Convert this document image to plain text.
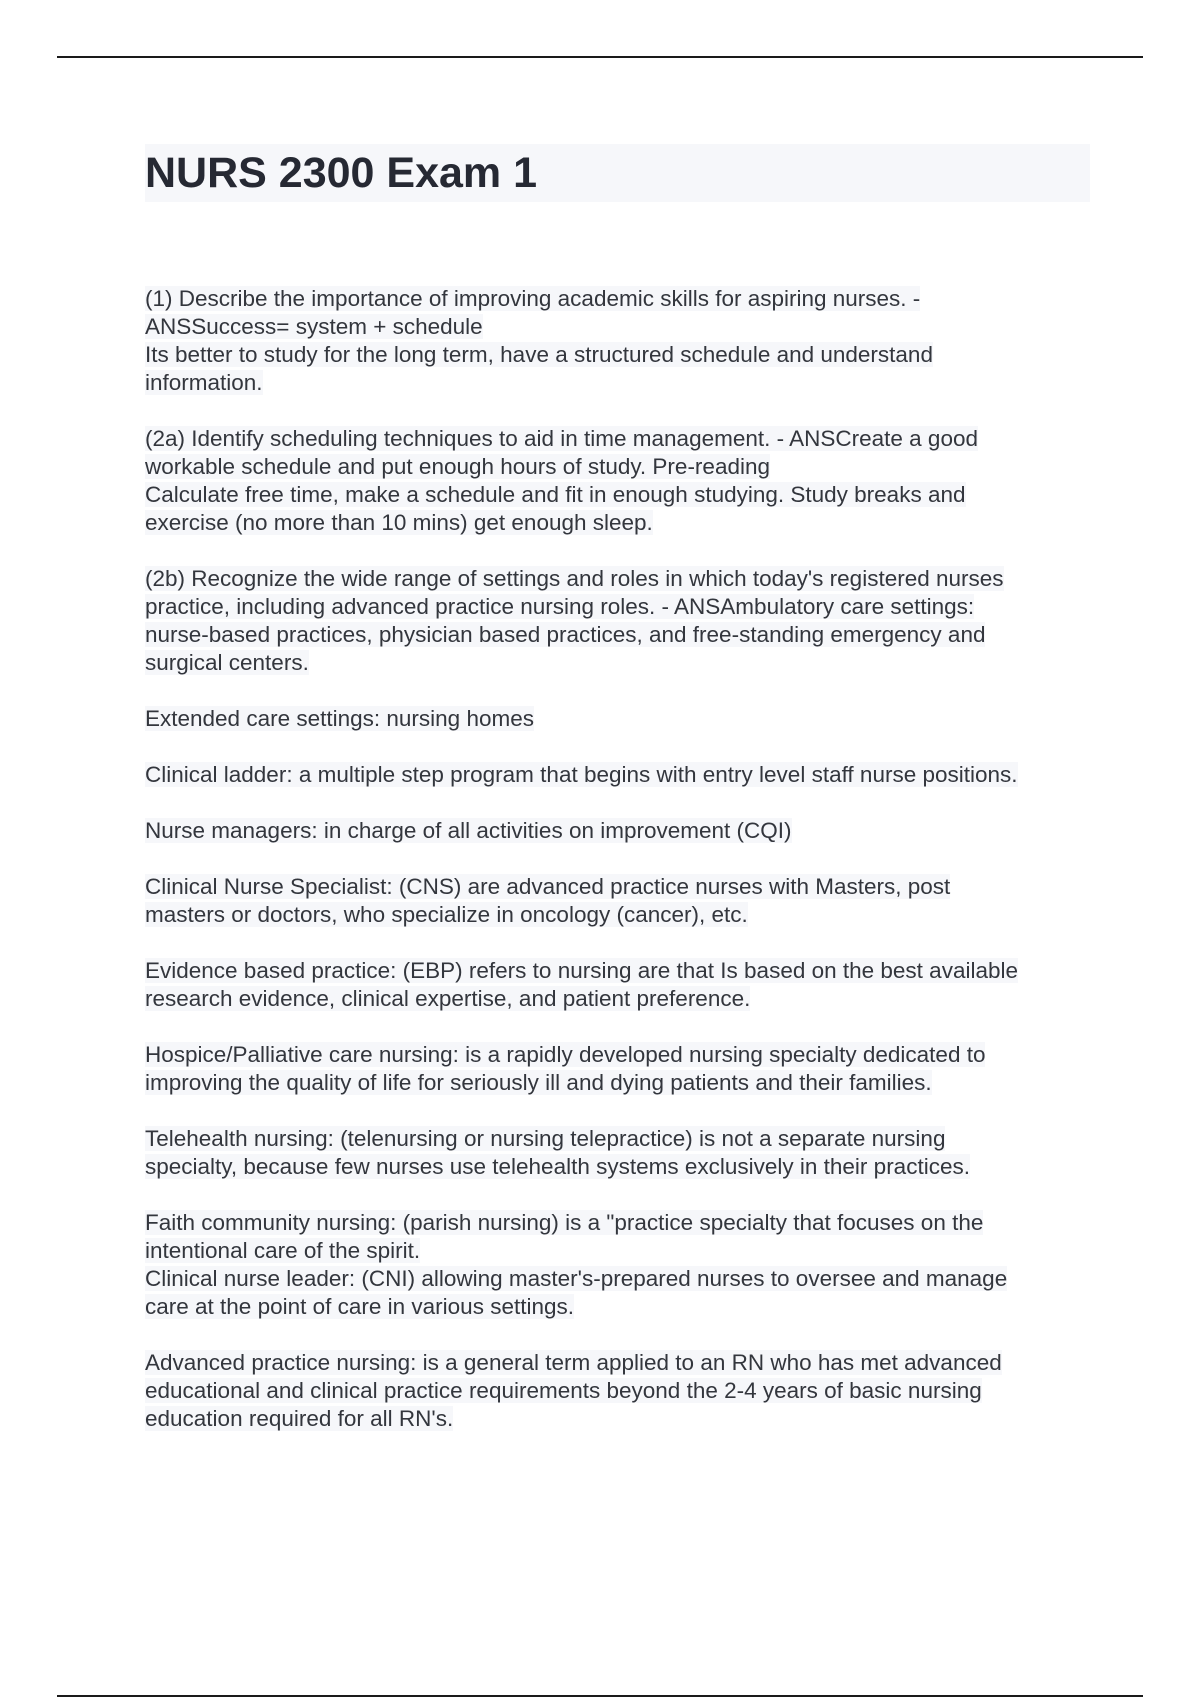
NURS 2300 Exam 1
(1) Describe the importance of improving academic skills for aspiring nurses. -
ANSSuccess= system + schedule
Its better to study for the long term, have a structured schedule and understand
information.
(2a) Identify scheduling techniques to aid in time management. - ANSCreate a good
workable schedule and put enough hours of study. Pre-reading
Calculate free time, make a schedule and fit in enough studying. Study breaks and
exercise (no more than 10 mins) get enough sleep.
(2b) Recognize the wide range of settings and roles in which today's registered nurses
practice, including advanced practice nursing roles. - ANSAmbulatory care settings:
nurse-based practices, physician based practices, and free-standing emergency and
surgical centers.
Extended care settings: nursing homes
Clinical ladder: a multiple step program that begins with entry level staff nurse positions.
Nurse managers: in charge of all activities on improvement (CQI)
Clinical Nurse Specialist: (CNS) are advanced practice nurses with Masters, post
masters or doctors, who specialize in oncology (cancer), etc.
Evidence based practice: (EBP) refers to nursing are that Is based on the best available
research evidence, clinical expertise, and patient preference.
Hospice/Palliative care nursing: is a rapidly developed nursing specialty dedicated to
improving the quality of life for seriously ill and dying patients and their families.
Telehealth nursing: (telenursing or nursing telepractice) is not a separate nursing
specialty, because few nurses use telehealth systems exclusively in their practices.
Faith community nursing: (parish nursing) is a "practice specialty that focuses on the
intentional care of the spirit.
Clinical nurse leader: (CNI) allowing master's-prepared nurses to oversee and manage
care at the point of care in various settings.
Advanced practice nursing: is a general term applied to an RN who has met advanced
educational and clinical practice requirements beyond the 2-4 years of basic nursing
education required for all RN's.
